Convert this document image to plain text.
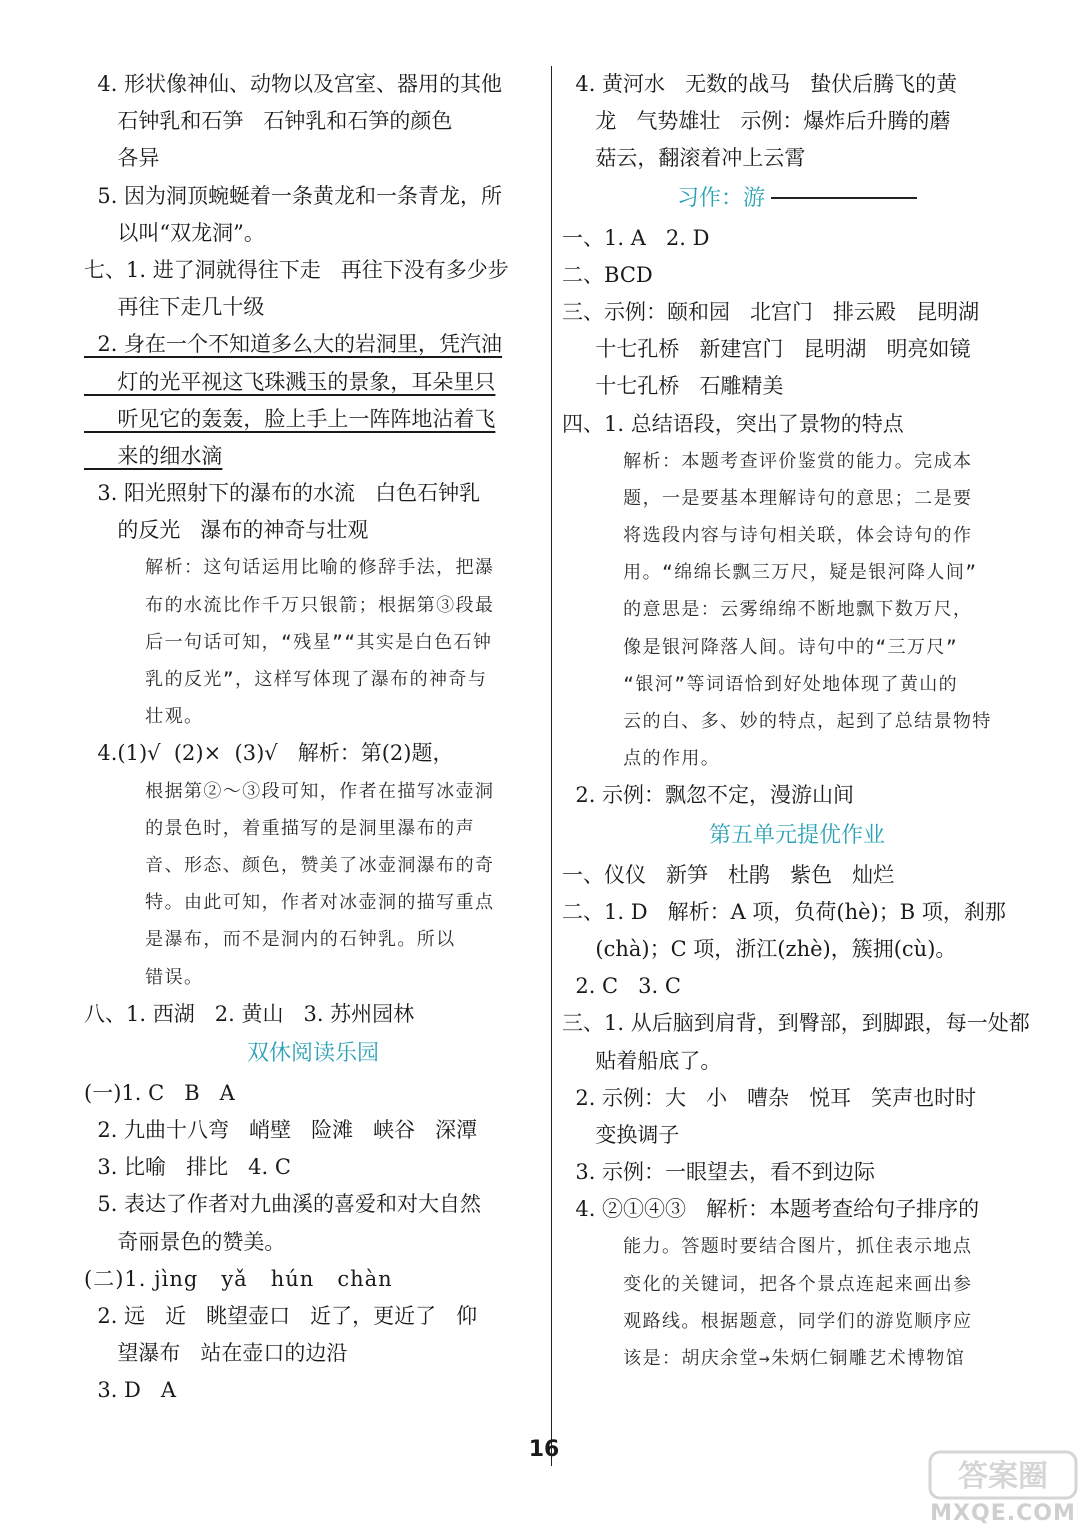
4. 形状像神仙、动物以及宫室、器用的其他
石钟乳和石笋   石钟乳和石笋的颜色
各异
5. 因为洞顶蜿蜒着一条黄龙和一条青龙，所
以叫“双龙洞”。
七、1. 进了洞就得往下走   再往下没有多少步
再往下走几十级
2. 身在一个不知道多么大的岩洞里，凭汽油
灯的光平视这飞珠溅玉的景象，耳朵里只
听见它的轰轰，脸上手上一阵阵地沾着飞
来的细水滴
3. 阳光照射下的瀑布的水流   白色石钟乳
的反光   瀑布的神奇与壮观
解析：这句话运用比喻的修辞手法，把瀑
布的水流比作千万只银箭；根据第③段最
后一句话可知，“残星”“其实是白色石钟
乳的反光”，这样写体现了瀑布的神奇与
壮观。
4.(1)√  (2)×  (3)√   解析：第(2)题，
根据第②～③段可知，作者在描写冰壶洞
的景色时，着重描写的是洞里瀑布的声
音、形态、颜色，赞美了冰壶洞瀑布的奇
特。由此可知，作者对冰壶洞的描写重点
是瀑布，而不是洞内的石钟乳。所以
错误。
八、1. 西湖   2. 黄山   3. 苏州园林
双休阅读乐园
(一)1. C   B   A
2. 九曲十八弯   峭壁   险滩   峡谷   深潭
3. 比喻   排比   4. C
5. 表达了作者对九曲溪的喜爱和对大自然
奇丽景色的赞美。
(二)1. jìng   yǎ   hún   chàn
2. 远   近   眺望壶口   近了，更近了   仰
望瀑布   站在壶口的边沿
3. D   A
4. 黄河水   无数的战马   蛰伏后腾飞的黄
龙   气势雄壮   示例：爆炸后升腾的蘑
菇云，翻滚着冲上云霄
习作：游
一、1. A   2. D
二、BCD
三、示例：颐和园   北宫门   排云殿   昆明湖
十七孔桥   新建宫门   昆明湖   明亮如镜
十七孔桥   石雕精美
四、1. 总结语段，突出了景物的特点
解析：本题考查评价鉴赏的能力。完成本
题，一是要基本理解诗句的意思；二是要
将选段内容与诗句相关联，体会诗句的作
用。“绵绵长飘三万尺，疑是银河降人间”
的意思是：云雾绵绵不断地飘下数万尺，
像是银河降落人间。诗句中的“三万尺”
“银河”等词语恰到好处地体现了黄山的
云的白、多、妙的特点，起到了总结景物特
点的作用。
2. 示例：飘忽不定，漫游山间
第五单元提优作业
一、仪仪   新笋   杜鹃   紫色   灿烂
二、1. D   解析：A 项，负荷(hè)；B 项，刹那
(chà)；C 项，浙江(zhè)，簇拥(cù)。
2. C   3. C
三、1. 从后脑到肩背，到臀部，到脚跟，每一处都
贴着船底了。
2. 示例：大   小   嘈杂   悦耳   笑声也时时
变换调子
3. 示例：一眼望去，看不到边际
4. ②①④③   解析：本题考查给句子排序的
能力。答题时要结合图片，抓住表示地点
变化的关键词，把各个景点连起来画出参
观路线。根据题意，同学们的游览顺序应
该是：胡庆余堂→朱炳仁铜雕艺术博物馆
16
答案圈
MXQE.COM
